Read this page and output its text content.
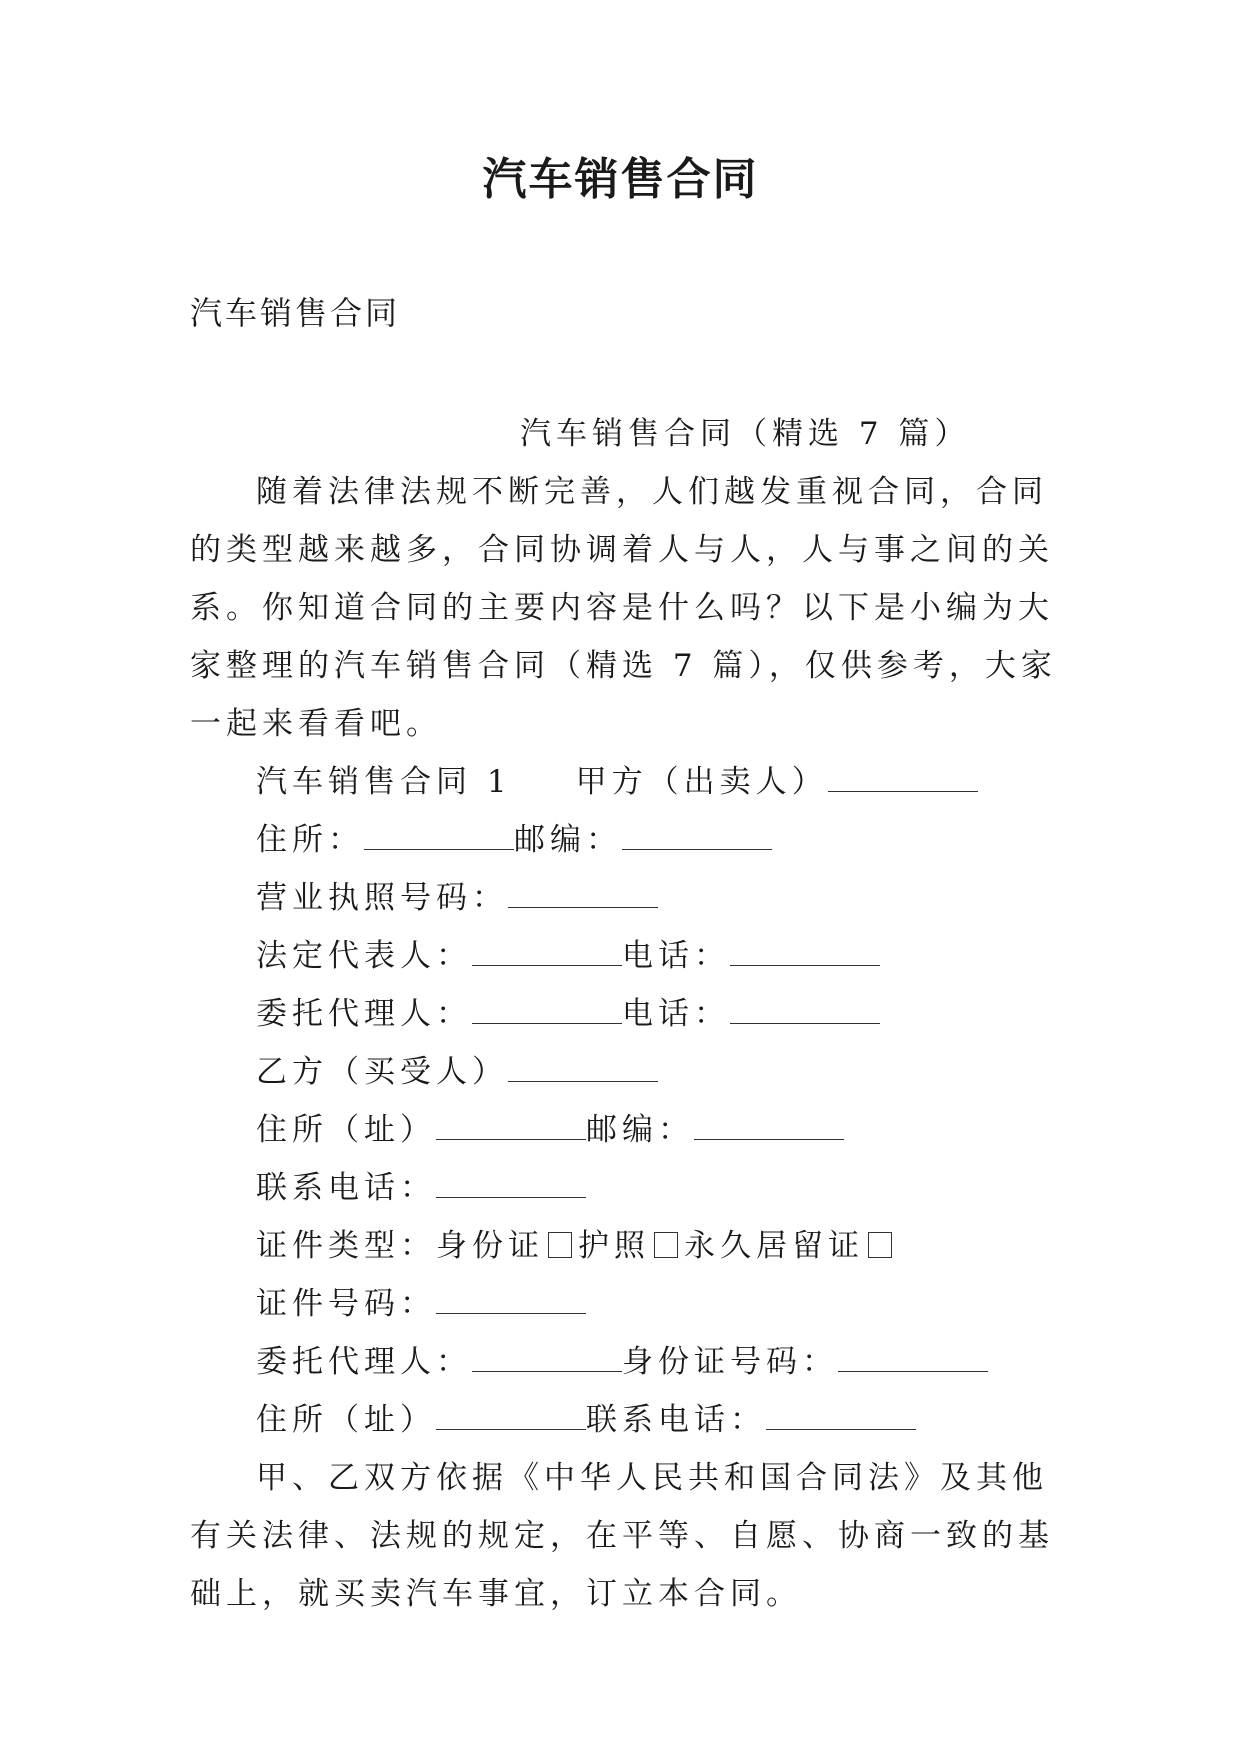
汽车销售合同
汽车销售合同

汽车销售合同（精选 7 篇）

随着法律法规不断完善，人们越发重视合同，合同的类型越来越多，合同协调着人与人，人与事之间的关系。你知道合同的主要内容是什么吗？以下是小编为大家整理的汽车销售合同（精选 7 篇），仅供参考，大家一起来看看吧。

汽车销售合同 1 甲方（出卖人）

住所：	邮编：

营业执照号码：

法定代表人：	电话：

委托代理人：	电话：

乙方（买受人）

住所（址）	邮编：

联系电话：

证件类型：身份证 护照 永久居留证

证件号码：

委托代理人：	身份证号码：

住所（址）	联系电话：

甲、乙双方依据《中华人民共和国合同法》及其他有关法律、法规的规定，在平等、自愿、协商一致的基础上，就买卖汽车事宜，订立本合同。
